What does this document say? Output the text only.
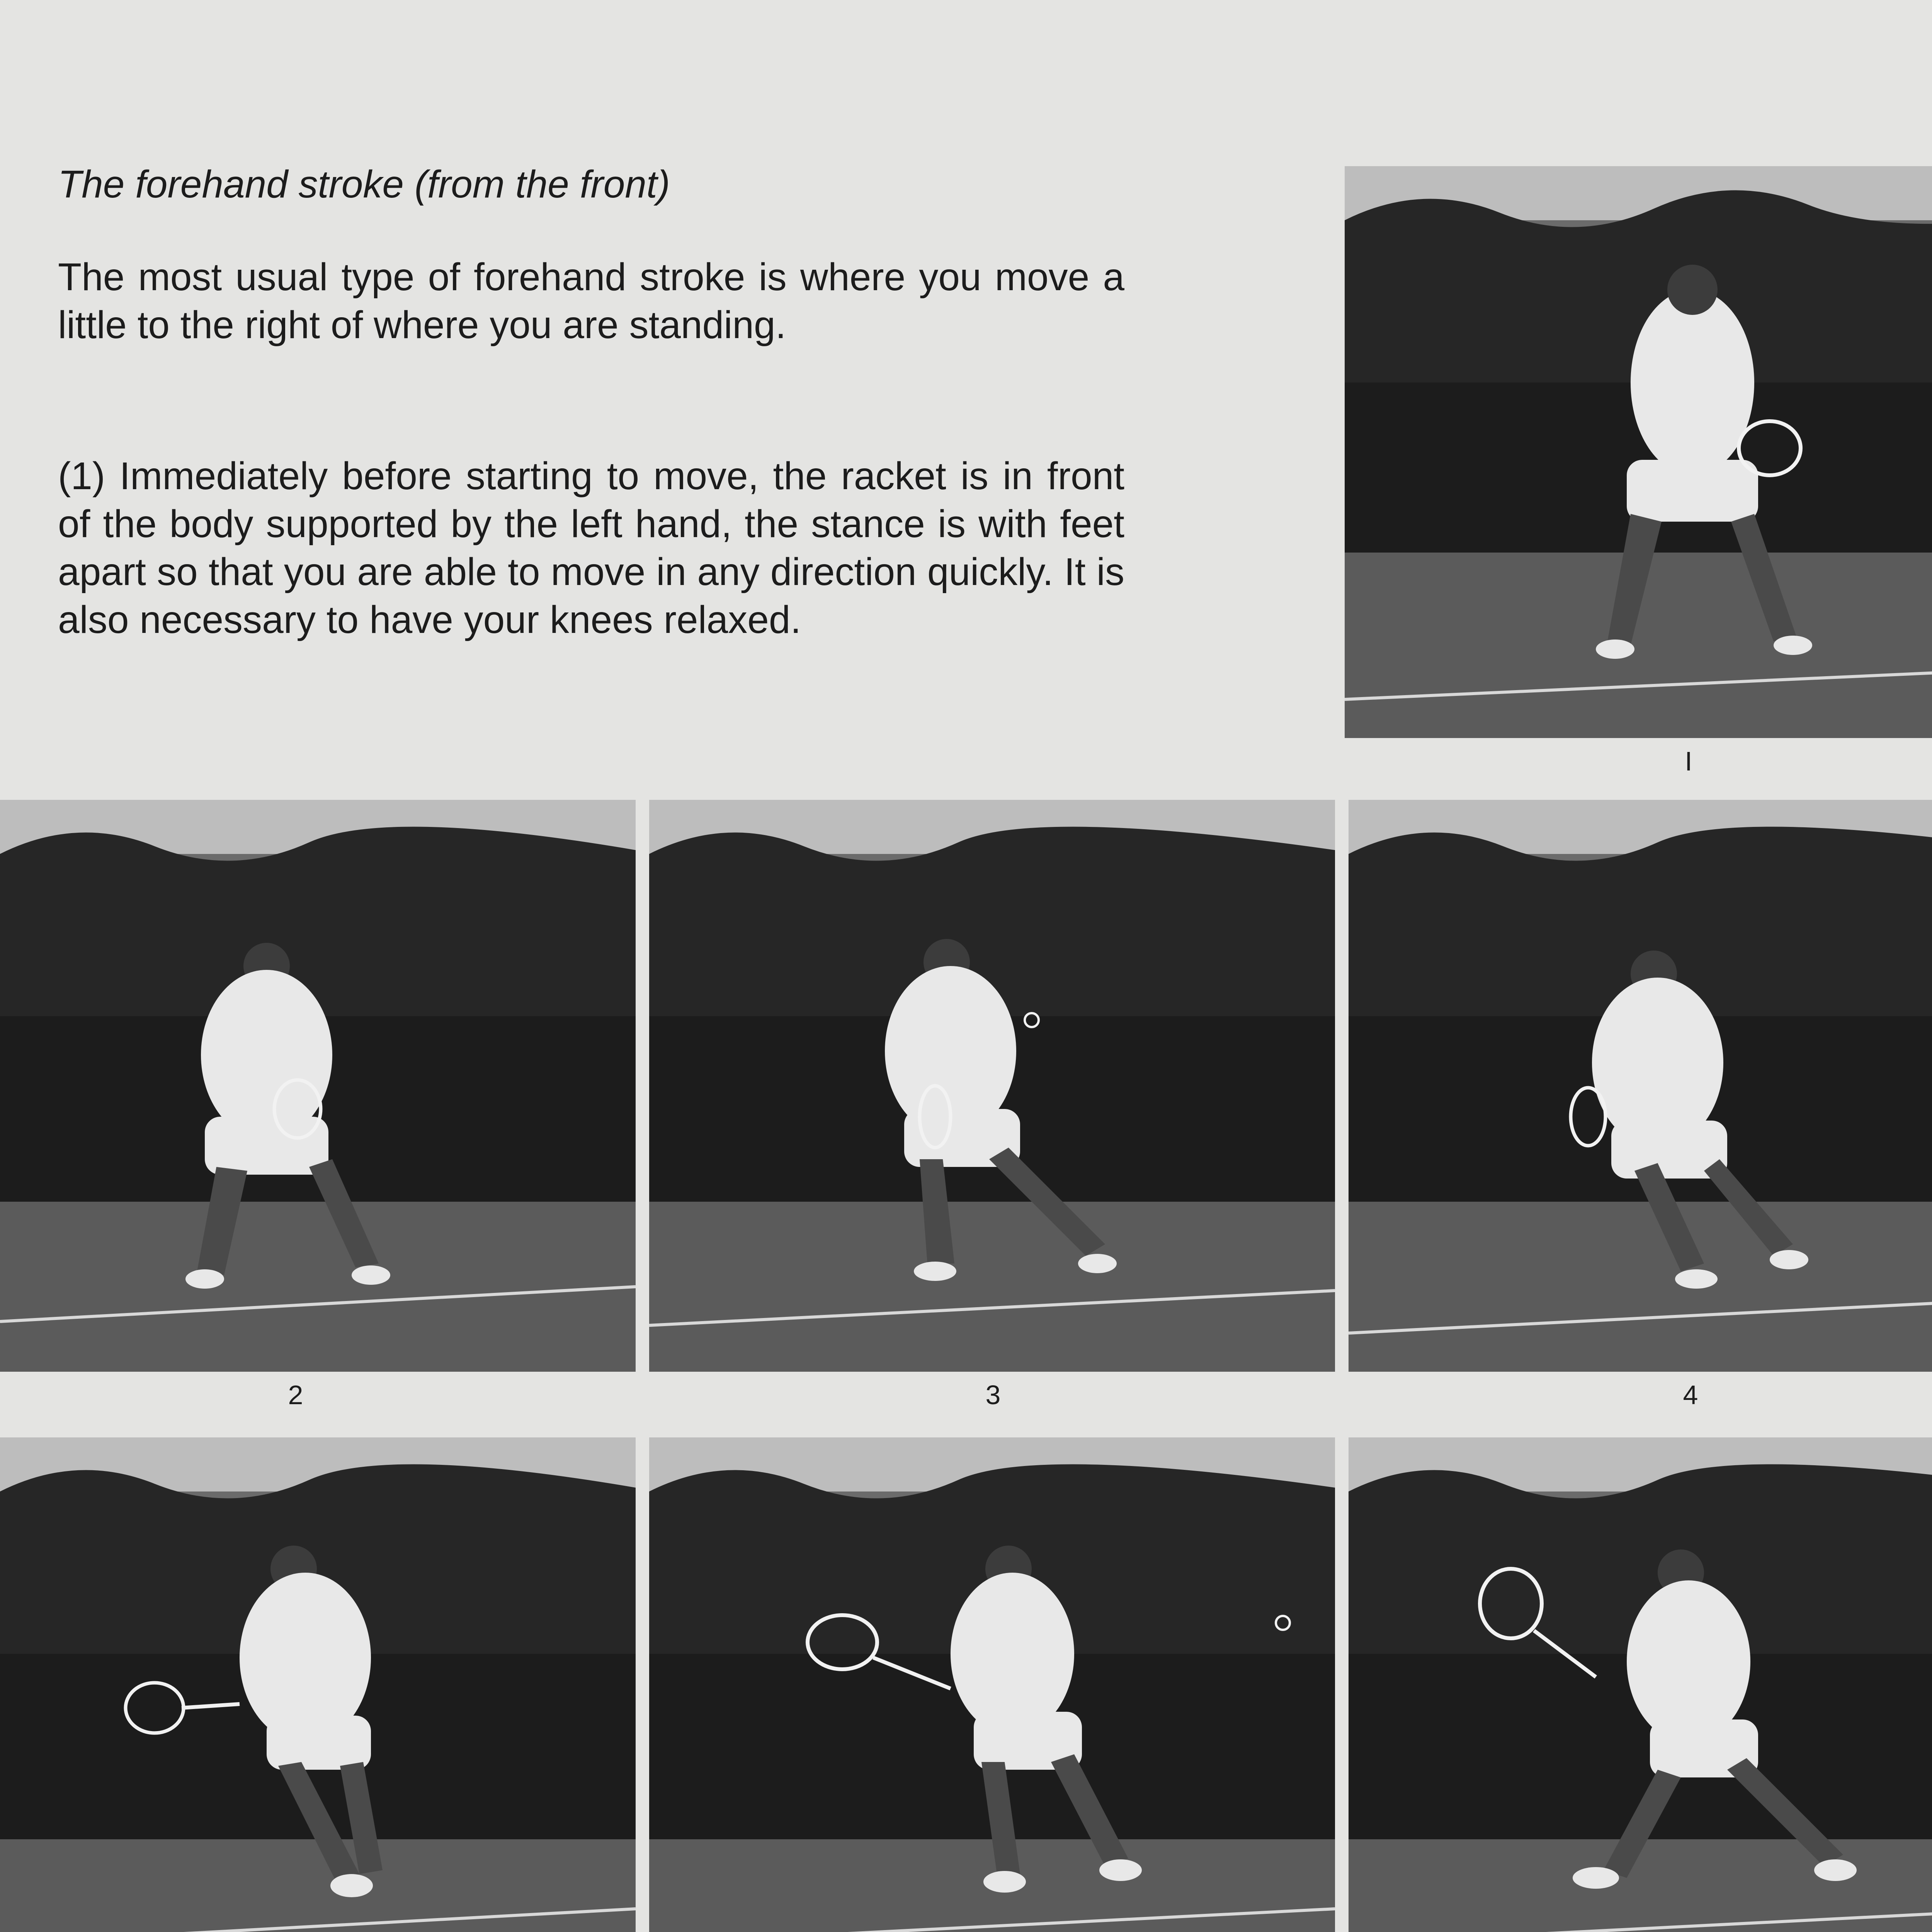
The forehand stroke (from the front)

The most usual type of forehand stroke is where you move a little to the right of where you are standing.

(1) Immediately before starting to move, the racket is in front of the body supported by the left hand, the stance is with feet apart so that you are able to move in any direction quickly. It is also necessary to have your knees relaxed.

I
2	3	4
